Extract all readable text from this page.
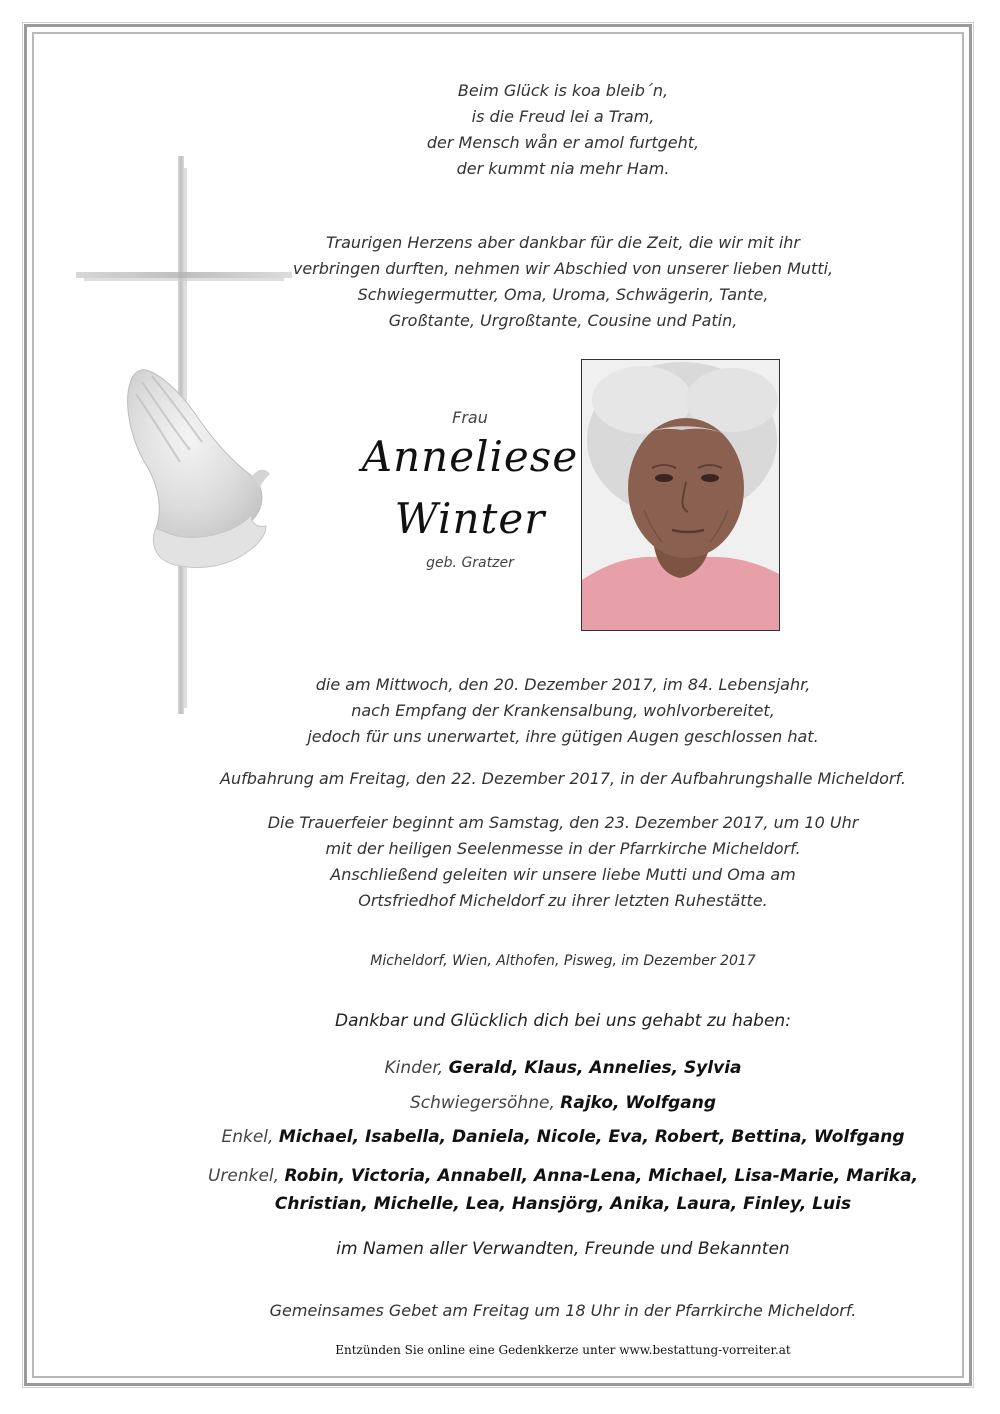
Beim Glück is koa bleib´n,
is die Freud lei a Tram,
der Mensch wån er amol furtgeht,
der kummt nia mehr Ham.
Traurigen Herzens aber dankbar für die Zeit, die wir mit ihr
verbringen durften, nehmen wir Abschied von unserer lieben Mutti,
Schwiegermutter, Oma, Uroma, Schwägerin, Tante,
Großtante, Urgroßtante, Cousine und Patin,
Frau
Anneliese
Winter
geb. Gratzer
die am Mittwoch, den 20. Dezember 2017, im 84. Lebensjahr,
nach Empfang der Krankensalbung, wohlvorbereitet,
jedoch für uns unerwartet, ihre gütigen Augen geschlossen hat.
Aufbahrung am Freitag, den 22. Dezember 2017, in der Aufbahrungshalle Micheldorf.
Die Trauerfeier beginnt am Samstag, den 23. Dezember 2017, um 10 Uhr
mit der heiligen Seelenmesse in der Pfarrkirche Micheldorf.
Anschließend geleiten wir unsere liebe Mutti und Oma am
Ortsfriedhof Micheldorf zu ihrer letzten Ruhestätte.
Micheldorf, Wien, Althofen, Pisweg, im Dezember 2017
Dankbar und Glücklich dich bei uns gehabt zu haben:
Kinder, Gerald, Klaus, Annelies, Sylvia
Schwiegersöhne, Rajko, Wolfgang
Enkel, Michael, Isabella, Daniela, Nicole, Eva, Robert, Bettina, Wolfgang
Urenkel, Robin, Victoria, Annabell, Anna-Lena, Michael, Lisa-Marie, Marika,
Christian, Michelle, Lea, Hansjörg, Anika, Laura, Finley, Luis
im Namen aller Verwandten, Freunde und Bekannten
Gemeinsames Gebet am Freitag um 18 Uhr in der Pfarrkirche Micheldorf.
Entzünden Sie online eine Gedenkkerze unter www.bestattung-vorreiter.at
